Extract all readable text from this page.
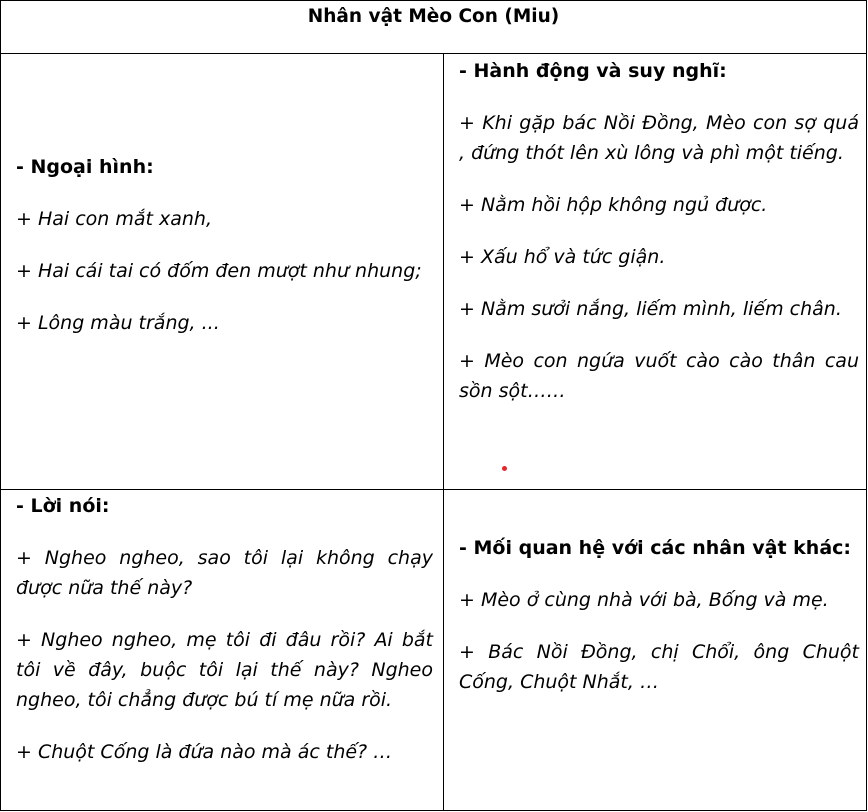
Nhân vật Mèo Con (Miu)
- Ngoại hình:

+ Hai con mắt xanh,

+ Hai cái tai có đốm đen mượt như nhung;

+ Lông màu trắng, ...

- Hành động và suy nghĩ:

+ Khi gặp bác Nồi Đồng, Mèo con sợ quá , đứng thót lên xù lông và phì một tiếng.

+ Nằm hồi hộp không ngủ được.

+ Xấu hổ và tức giận.

+ Nằm sưởi nắng, liếm mình, liếm chân.

+ Mèo con ngứa vuốt cào cào thân cau sồn sột……

- Lời nói:

+ Ngheo ngheo, sao tôi lại không chạy được nữa thế này?

+ Ngheo ngheo, mẹ tôi đi đâu rồi? Ai bắt tôi về đây, buộc tôi lại thế này? Ngheo ngheo, tôi chẳng được bú tí mẹ nữa rồi.

+ Chuột Cống là đứa nào mà ác thế? …

- Mối quan hệ với các nhân vật khác:

+ Mèo ở cùng nhà với bà, Bống và mẹ.

+ Bác Nồi Đồng, chị Chổi, ông Chuột Cống, Chuột Nhắt, …
